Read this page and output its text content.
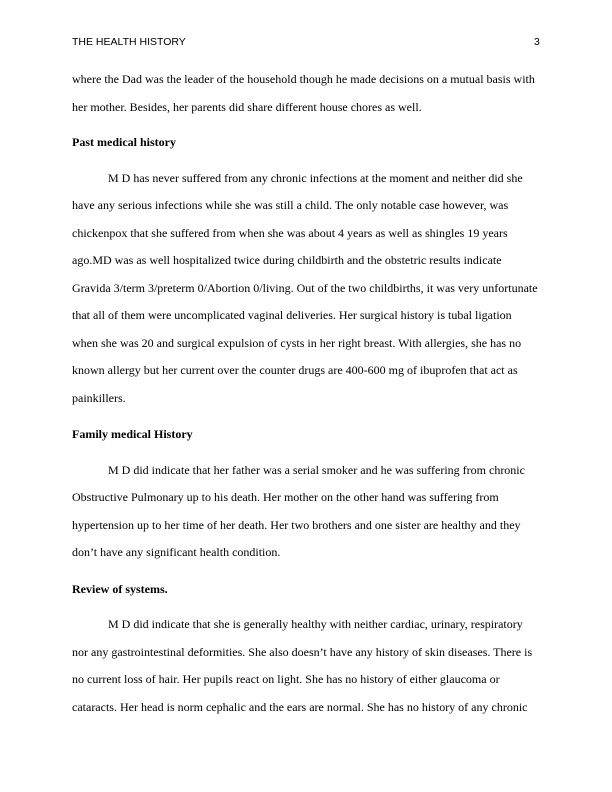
THE HEALTH HISTORY	3
where the Dad was the leader of the household though he made decisions on a mutual basis with
her mother. Besides, her parents did share different house chores as well.
Past medical history
M D has never suffered from any chronic infections at the moment and neither did she
have any serious infections while she was still a child. The only notable case however, was
chickenpox that she suffered from when she was about 4 years as well as shingles 19 years
ago.MD was as well hospitalized twice during childbirth and the obstetric results indicate
Gravida 3/term 3/preterm 0/Abortion 0/living. Out of the two childbirths, it was very unfortunate
that all of them were uncomplicated vaginal deliveries. Her surgical history is tubal ligation
when she was 20 and surgical expulsion of cysts in her right breast. With allergies, she has no
known allergy but her current over the counter drugs are 400-600 mg of ibuprofen that act as
painkillers.
Family medical History
M D did indicate that her father was a serial smoker and he was suffering from chronic
Obstructive Pulmonary up to his death. Her mother on the other hand was suffering from
hypertension up to her time of her death. Her two brothers and one sister are healthy and they
don’t have any significant health condition.
Review of systems.
M D did indicate that she is generally healthy with neither cardiac, urinary, respiratory
nor any gastrointestinal deformities. She also doesn’t have any history of skin diseases. There is
no current loss of hair. Her pupils react on light. She has no history of either glaucoma or
cataracts. Her head is norm cephalic and the ears are normal. She has no history of any chronic
